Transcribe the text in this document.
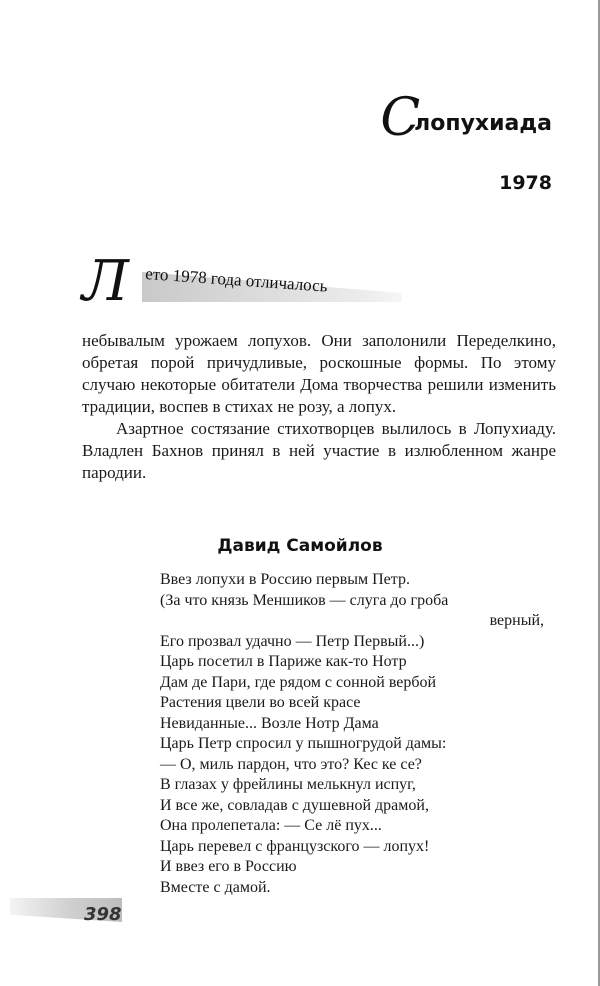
С
лопухиада
1978
Л ето 1978 года отличалось

небывалым урожаем лопухов. Они заполонили Переделкино, обретая порой причудливые, роскошные формы. По этому случаю некоторые обитатели Дома творчества решили изменить традиции, воспев в стихах не розу, а лопух.

Азартное состязание стихотворцев вылилось в Лопухиаду. Владлен Бахнов принял в ней участие в излюбленном жанре пародии.

Давид Самойлов
Ввез лопухи в Россию первым Петр.
(За что князь Меншиков — слуга до гроба
верный,
Его прозвал удачно — Петр Первый...)
Царь посетил в Париже как-то Нотр
Дам де Пари, где рядом с сонной вербой
Растения цвели во всей красе
Невиданные... Возле Нотр Дама
Царь Петр спросил у пышногрудой дамы:
— О, миль пардон, что это? Кес ке се?
В глазах у фрейлины мелькнул испуг,
И все же, совладав с душевной драмой,
Она пролепетала: — Се лё пух...
Царь перевел с французского — лопух!
И ввез его в Россию
Вместе с дамой.
398
